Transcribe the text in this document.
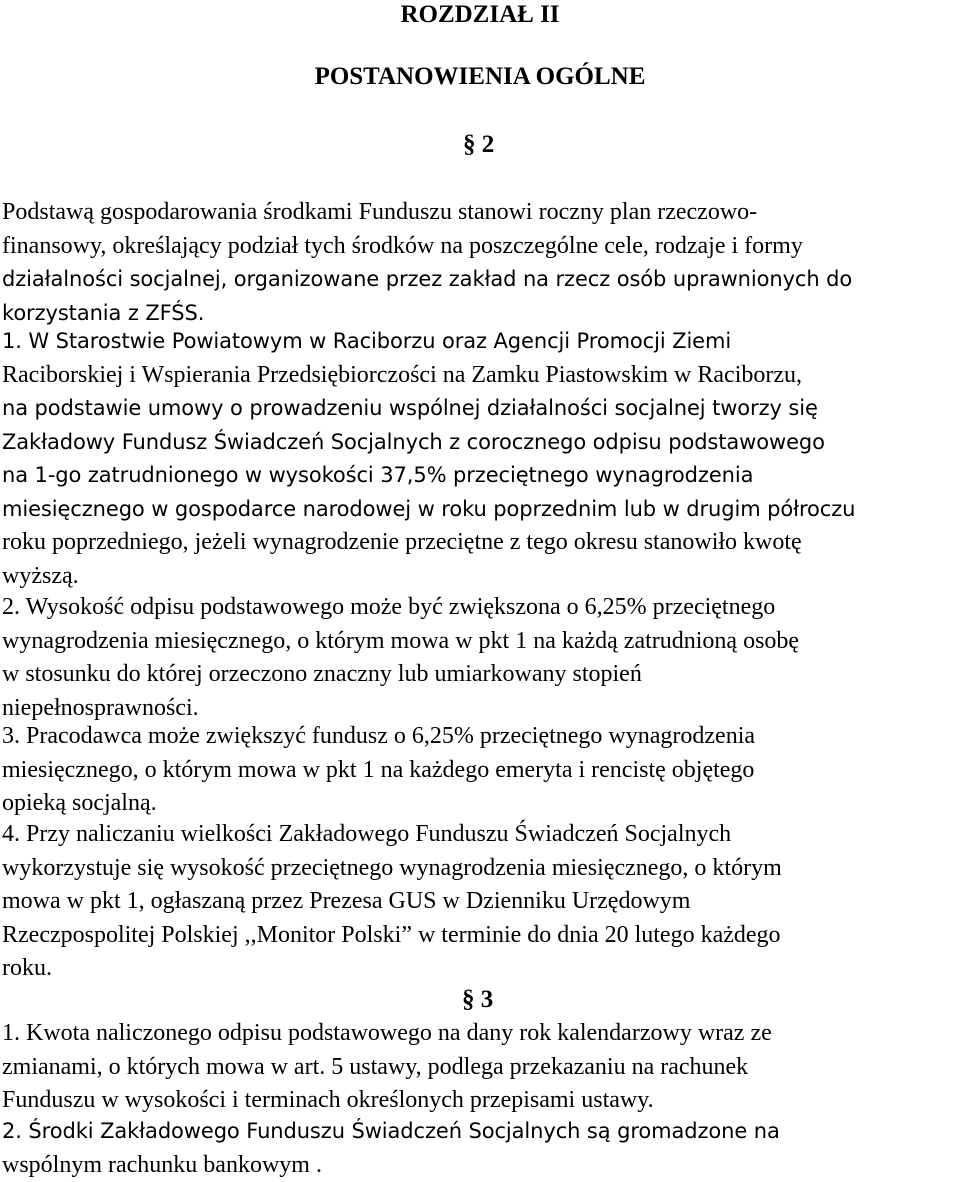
ROZDZIAŁ II
POSTANOWIENIA OGÓLNE
§ 2

Podstawą gospodarowania środkami Funduszu stanowi roczny plan rzeczowo-

finansowy, określający podział tych środków na poszczególne cele, rodzaje i formy

działalności socjalnej, organizowane przez zakład na rzecz osób uprawnionych do

korzystania z ZFŚS.

1. W Starostwie Powiatowym w Raciborzu oraz Agencji Promocji Ziemi

Raciborskiej i Wspierania Przedsiębiorczości na Zamku Piastowskim w Raciborzu,

na podstawie umowy o prowadzeniu wspólnej działalności socjalnej tworzy się

Zakładowy Fundusz Świadczeń Socjalnych z corocznego odpisu podstawowego

na 1-go zatrudnionego w wysokości 37,5% przeciętnego wynagrodzenia

miesięcznego w gospodarce narodowej w roku poprzednim lub w drugim półroczu

roku poprzedniego, jeżeli wynagrodzenie przeciętne z tego okresu stanowiło kwotę

wyższą.

2. Wysokość odpisu podstawowego może być zwiększona o 6,25% przeciętnego

wynagrodzenia miesięcznego, o którym mowa w pkt 1 na każdą zatrudnioną osobę

w stosunku do której orzeczono znaczny lub umiarkowany stopień

niepełnosprawności.

3. Pracodawca może zwiększyć fundusz o 6,25% przeciętnego wynagrodzenia

miesięcznego, o którym mowa w pkt 1 na każdego emeryta i rencistę objętego

opieką socjalną.

4. Przy naliczaniu wielkości Zakładowego Funduszu Świadczeń Socjalnych

wykorzystuje się wysokość przeciętnego wynagrodzenia miesięcznego, o którym

mowa w pkt 1, ogłaszaną przez Prezesa GUS w Dzienniku Urzędowym

Rzeczpospolitej Polskiej ,,Monitor Polski” w terminie do dnia 20 lutego każdego

roku.

§ 3

1. Kwota naliczonego odpisu podstawowego na dany rok kalendarzowy wraz ze

zmianami, o których mowa w art. 5 ustawy, podlega przekazaniu na rachunek

Funduszu w wysokości i terminach określonych przepisami ustawy.

2. Środki Zakładowego Funduszu Świadczeń Socjalnych są gromadzone na

wspólnym rachunku bankowym .
